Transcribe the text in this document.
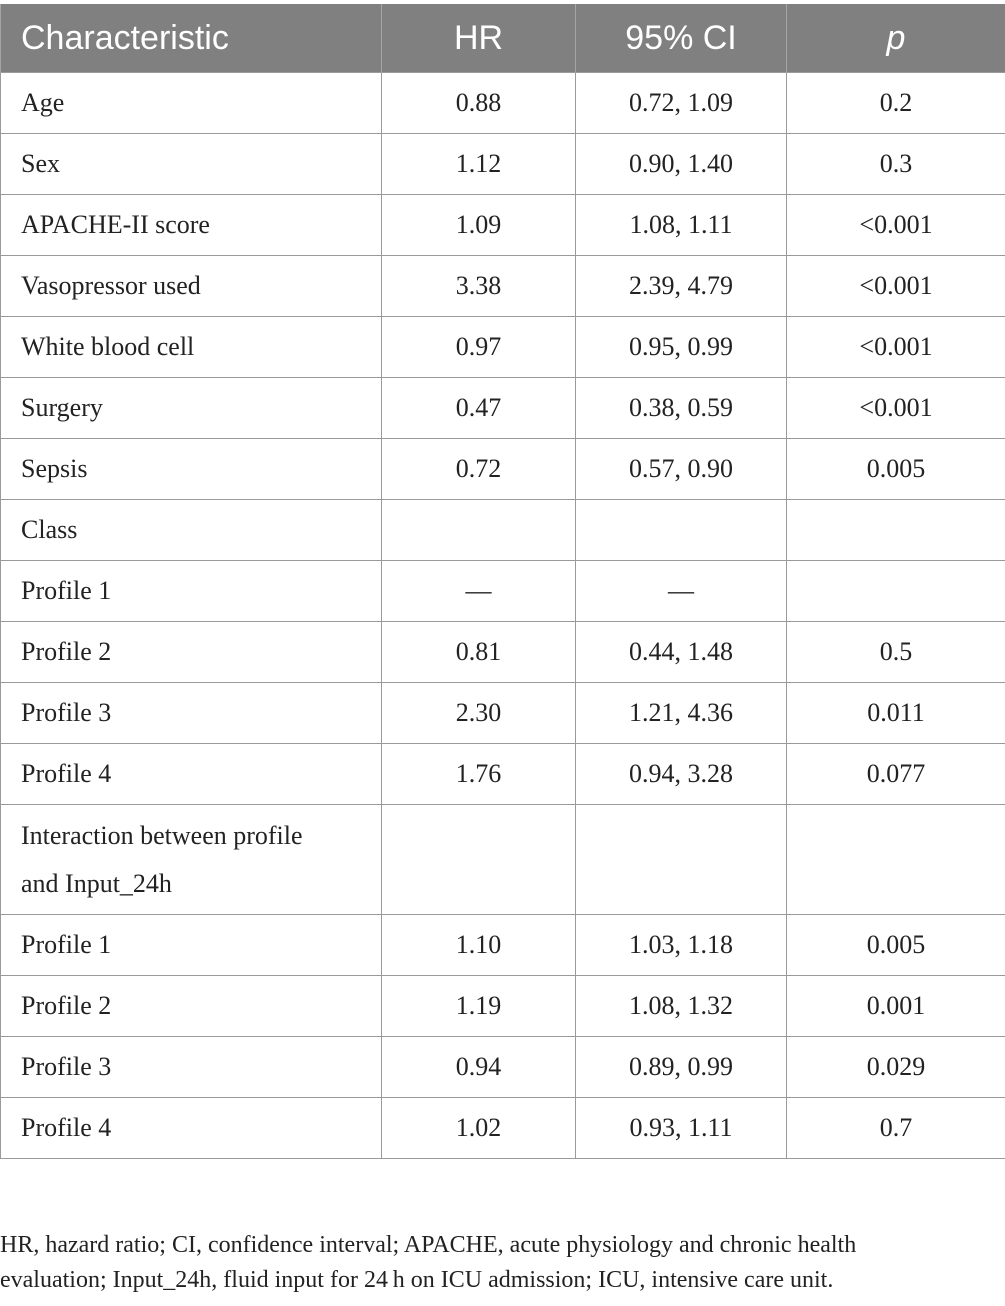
Characteristic	HR	95% CI	p
Age	0.88	0.72, 1.09	0.2
Sex	1.12	0.90, 1.40	0.3
APACHE-II score	1.09	1.08, 1.11	<0.001
Vasopressor used	3.38	2.39, 4.79	<0.001
White blood cell	0.97	0.95, 0.99	<0.001
Surgery	0.47	0.38, 0.59	<0.001
Sepsis	0.72	0.57, 0.90	0.005
Class			
Profile 1	—	—	
Profile 2	0.81	0.44, 1.48	0.5
Profile 3	2.30	1.21, 4.36	0.011
Profile 4	1.76	0.94, 3.28	0.077

Interaction between profile
and Input_24h			

Profile 1	1.10	1.03, 1.18	0.005
Profile 2	1.19	1.08, 1.32	0.001
Profile 3	0.94	0.89, 0.99	0.029
Profile 4	1.02	0.93, 1.11	0.7
HR, hazard ratio; CI, confidence interval; APACHE, acute physiology and chronic health
evaluation; Input_24h, fluid input for 24 h on ICU admission; ICU, intensive care unit.
